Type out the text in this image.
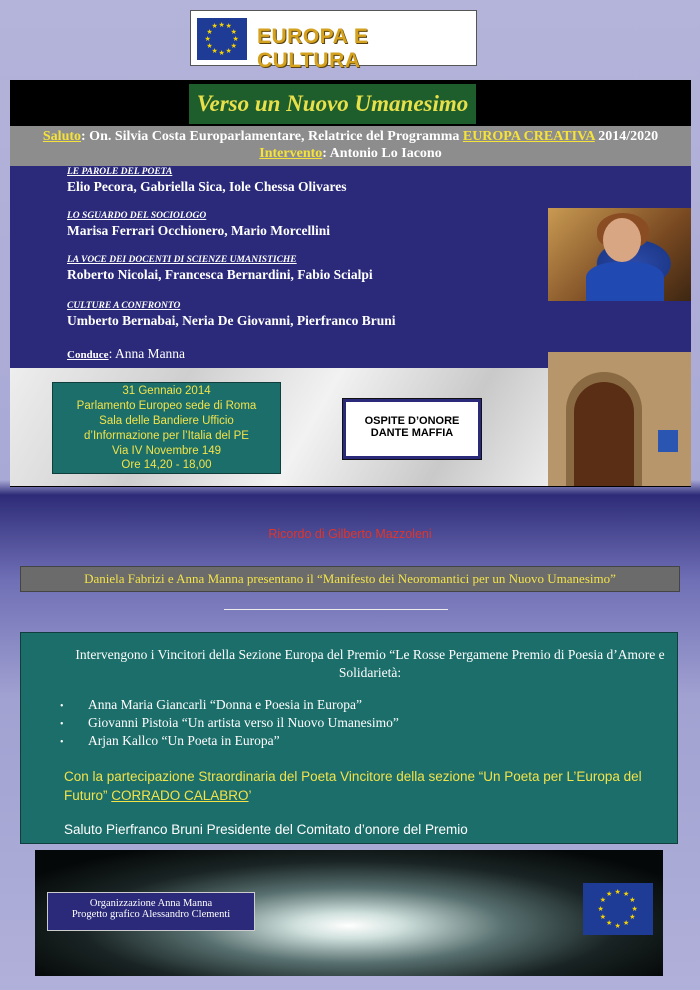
★ ★
★
★
★
★
★
★
★
★
★
★ EUROPA E CULTURA
Verso un Nuovo Umanesimo
Saluto: On. Silvia Costa Europarlamentare, Relatrice del Programma EUROPA CREATIVA 2014/2020
Intervento: Antonio Lo Iacono
LE PAROLE DEL POETA
Elio Pecora, Gabriella Sica, Iole Chessa Olivares
LO SGUARDO DEL SOCIOLOGO
Marisa Ferrari Occhionero, Mario Morcellini
LA VOCE DEI DOCENTI DI SCIENZE UMANISTICHE
Roberto Nicolai, Francesca Bernardini, Fabio Scialpi
CULTURE A CONFRONTO
Umberto Bernabai, Neria De Giovanni, Pierfranco Bruni
Conduce: Anna Manna
31 Gennaio 2014
Parlamento Europeo sede di Roma
Sala delle Bandiere Ufficio
d’Informazione per l’Italia del PE
Via IV Novembre 149
Ore 14,20 - 18,00
OSPITE D’ONORE
DANTE MAFFIA
Ricordo di Gilberto Mazzoleni
Daniela Fabrizi e Anna Manna presentano il “Manifesto dei Neoromantici per un Nuovo Umanesimo”
Intervengono i Vincitori della Sezione Europa del Premio “Le Rosse Pergamene Premio di Poesia d’Amore e Solidarietà:
• Anna Maria Giancarli “Donna e Poesia in Europa”
• Giovanni Pistoia “Un artista verso il Nuovo Umanesimo”
• Arjan Kallco “Un Poeta in Europa”
Con la partecipazione Straordinaria del Poeta Vincitore della sezione “Un Poeta per L’Europa del Futuro” CORRADO CALABRO’
Saluto Pierfranco Bruni Presidente del Comitato d’onore del Premio
Organizzazione Anna Manna
Progetto grafico Alessandro Clementi
★ ★
★
★
★
★
★
★
★
★
★
★
